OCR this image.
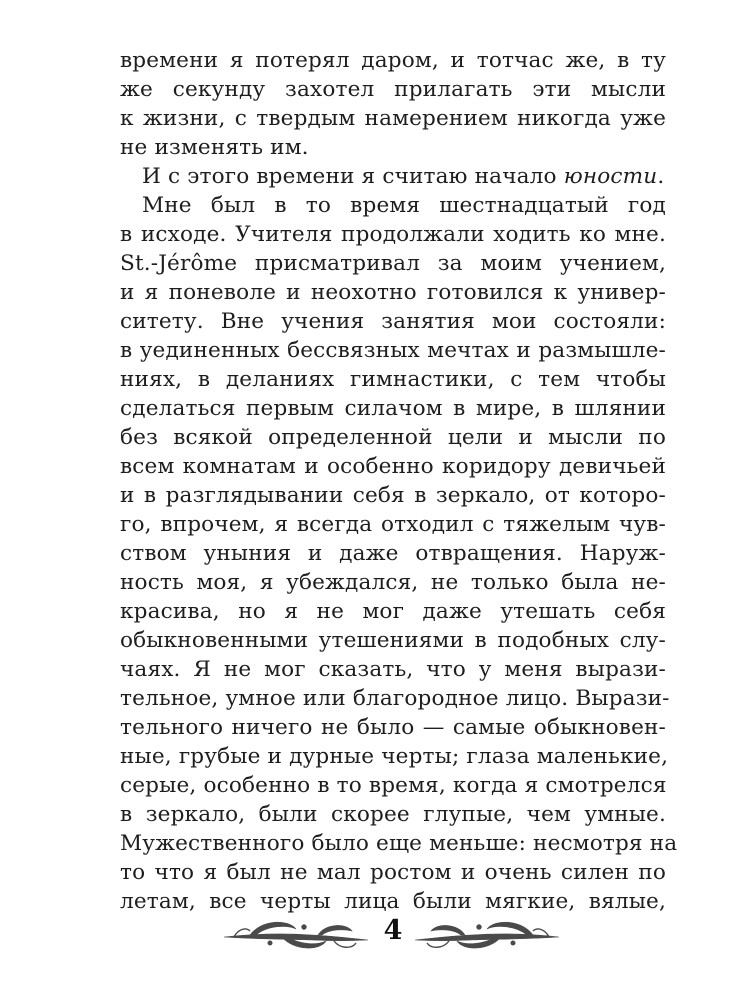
времени я потерял даром, и тотчас же, в ту
же секунду захотел прилагать эти мысли
к жизни, с твердым намерением никогда уже
не изменять им.
И с этого времени я считаю начало юности.
Мне был в то время шестнадцатый год
в исходе. Учителя продолжали ходить ко мне.
St.-Jérôme присматривал за моим учением,
и я поневоле и неохотно готовился к универ-
ситету. Вне учения занятия мои состояли:
в уединенных бессвязных мечтах и размышле-
ниях, в деланиях гимнастики, с тем чтобы
сделаться первым силачом в мире, в шлянии
без всякой определенной цели и мысли по
всем комнатам и особенно коридору девичьей
и в разглядывании себя в зеркало, от которо-
го, впрочем, я всегда отходил с тяжелым чув-
ством уныния и даже отвращения. Наруж-
ность моя, я убеждался, не только была не-
красива, но я не мог даже утешать себя
обыкновенными утешениями в подобных слу-
чаях. Я не мог сказать, что у меня вырази-
тельное, умное или благородное лицо. Вырази-
тельного ничего не было — самые обыкновен-
ные, грубые и дурные черты; глаза маленькие,
серые, особенно в то время, когда я смотрелся
в зеркало, были скорее глупые, чем умные.
Мужественного было еще меньше: несмотря на
то что я был не мал ростом и очень силен по
летам, все черты лица были мягкие, вялые,
4
